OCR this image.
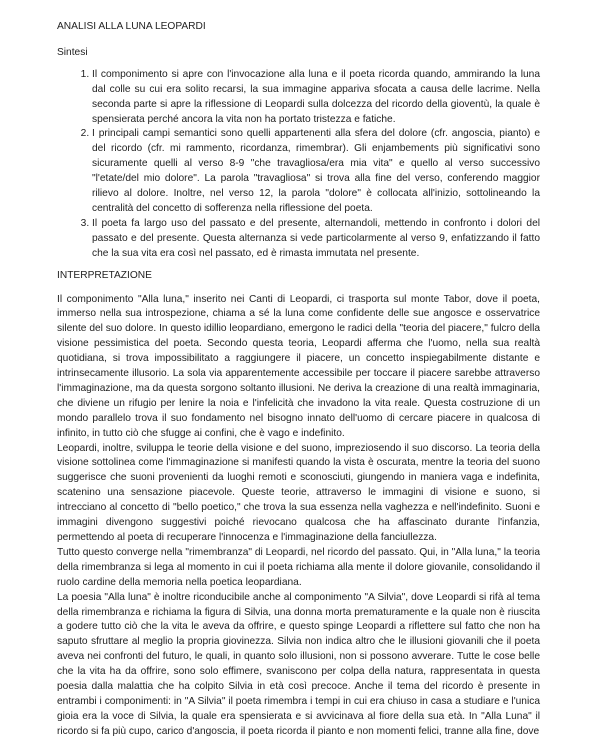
ANALISI ALLA LUNA LEOPARDI

Sintesi

1. Il componimento si apre con l'invocazione alla luna e il poeta ricorda quando, ammirando la luna dal colle su cui era solito recarsi, la sua immagine appariva sfocata a causa delle lacrime. Nella seconda parte si apre la riflessione di Leopardi sulla dolcezza del ricordo della gioventù, la quale è spensierata perché ancora la vita non ha portato tristezza e fatiche.
2. I principali campi semantici sono quelli appartenenti alla sfera del dolore (cfr. angoscia, pianto) e del ricordo (cfr. mi rammento, ricordanza, rimembrar). Gli enjambements più significativi sono sicuramente quelli al verso 8-9 "che travagliosa/era mia vita" e quello al verso successivo "l'etate/del mio dolore". La parola "travagliosa" si trova alla fine del verso, conferendo maggior rilievo al dolore. Inoltre, nel verso 12, la parola "dolore" è collocata all'inizio, sottolineando la centralità del concetto di sofferenza nella riflessione del poeta.
3. Il poeta fa largo uso del passato e del presente, alternandoli, mettendo in confronto i dolori del passato e del presente. Questa alternanza si vede particolarmente al verso 9, enfatizzando il fatto che la sua vita era così nel passato, ed è rimasta immutata nel presente.

INTERPRETAZIONE

Il componimento "Alla luna," inserito nei Canti di Leopardi, ci trasporta sul monte Tabor, dove il poeta, immerso nella sua introspezione, chiama a sé la luna come confidente delle sue angosce e osservatrice silente del suo dolore. In questo idillio leopardiano, emergono le radici della "teoria del piacere," fulcro della visione pessimistica del poeta. Secondo questa teoria, Leopardi afferma che l'uomo, nella sua realtà quotidiana, si trova impossibilitato a raggiungere il piacere, un concetto inspiegabilmente distante e intrinsecamente illusorio. La sola via apparentemente accessibile per toccare il piacere sarebbe attraverso l'immaginazione, ma da questa sorgono soltanto illusioni. Ne deriva la creazione di una realtà immaginaria, che diviene un rifugio per lenire la noia e l'infelicità che invadono la vita reale. Questa costruzione di un mondo parallelo trova il suo fondamento nel bisogno innato dell'uomo di cercare piacere in qualcosa di infinito, in tutto ciò che sfugge ai confini, che è vago e indefinito.

Leopardi, inoltre, sviluppa le teorie della visione e del suono, impreziosendo il suo discorso. La teoria della visione sottolinea come l'immaginazione si manifesti quando la vista è oscurata, mentre la teoria del suono suggerisce che suoni provenienti da luoghi remoti e sconosciuti, giungendo in maniera vaga e indefinita, scatenino una sensazione piacevole. Queste teorie, attraverso le immagini di visione e suono, si intrecciano al concetto di "bello poetico," che trova la sua essenza nella vaghezza e nell'indefinito. Suoni e immagini divengono suggestivi poiché rievocano qualcosa che ha affascinato durante l'infanzia, permettendo al poeta di recuperare l'innocenza e l'immaginazione della fanciullezza.

Tutto questo converge nella "rimembranza" di Leopardi, nel ricordo del passato. Qui, in "Alla luna," la teoria della rimembranza si lega al momento in cui il poeta richiama alla mente il dolore giovanile, consolidando il ruolo cardine della memoria nella poetica leopardiana.

La poesia "Alla luna" è inoltre riconducibile anche al componimento "A Silvia", dove Leopardi si rifà al tema della rimembranza e richiama la figura di Silvia, una donna morta prematuramente e la quale non è riuscita a godere tutto ciò che la vita le aveva da offrire, e questo spinge Leopardi a riflettere sul fatto che non ha saputo sfruttare al meglio la propria giovinezza. Silvia non indica altro che le illusioni giovanili che il poeta aveva nei confronti del futuro, le quali, in quanto solo illusioni, non si possono avverare. Tutte le cose belle che la vita ha da offrire, sono solo effimere, svaniscono per colpa della natura, rappresentata in questa poesia dalla malattia che ha colpito Silvia in età così precoce. Anche il tema del ricordo è presente in entrambi i componimenti: in "A Silvia" il poeta rimembra i tempi in cui era chiuso in casa a studiare e l'unica gioia era la voce di Silvia, la quale era spensierata e si avvicinava al fiore della sua età. In "Alla Luna" il ricordo si fa più cupo, carico d'angoscia, il poeta ricorda il pianto e non momenti felici, tranne alla fine, dove
